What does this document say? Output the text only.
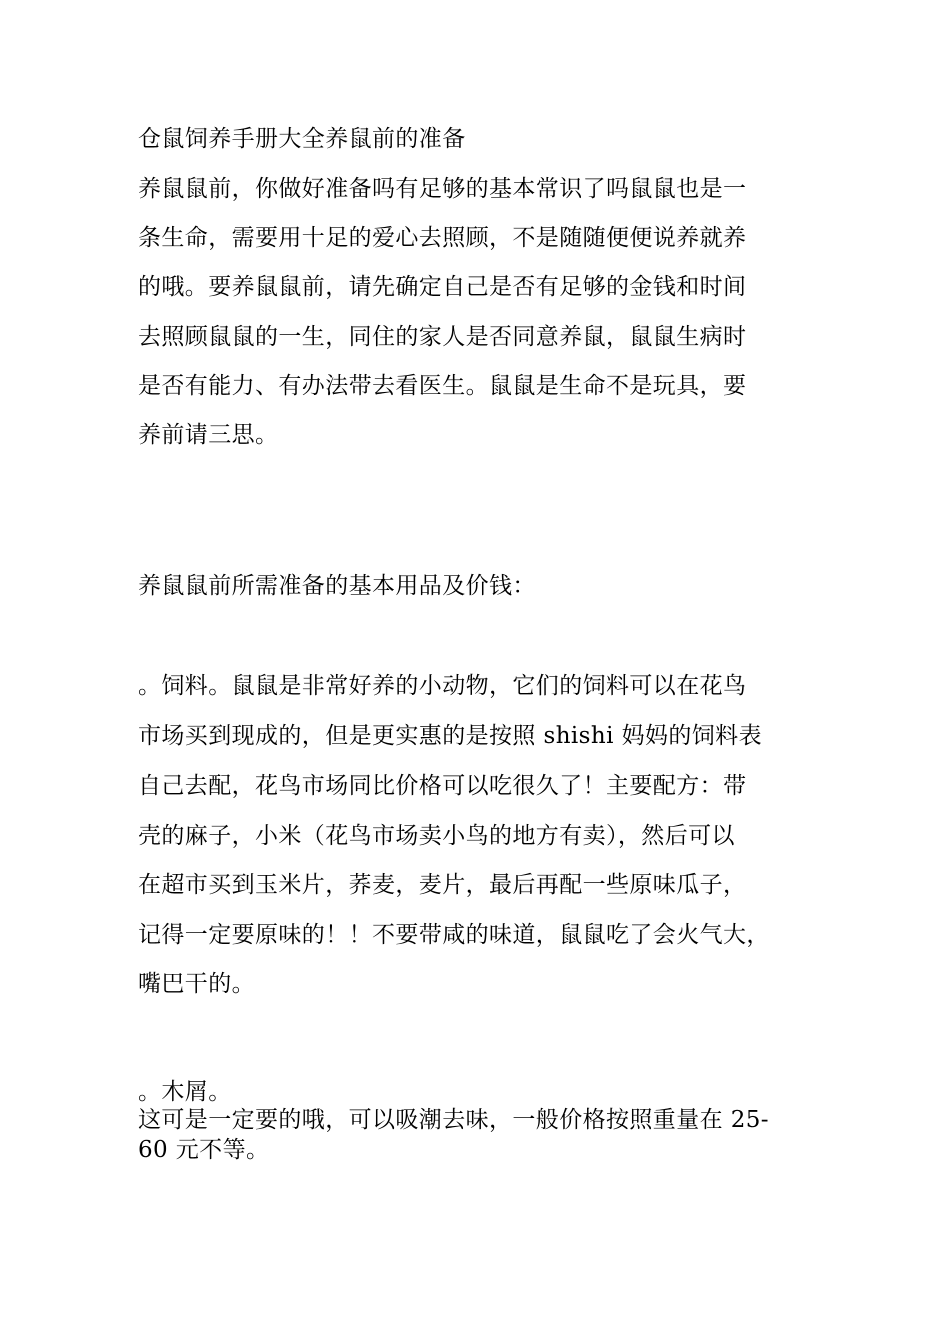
仓鼠饲养手册大全养鼠前的准备
养鼠鼠前，你做好准备吗有足够的基本常识了吗鼠鼠也是一
条生命，需要用十足的爱心去照顾，不是随随便便说养就养
的哦。要养鼠鼠前，请先确定自己是否有足够的金钱和时间
去照顾鼠鼠的一生，同住的家人是否同意养鼠，鼠鼠生病时
是否有能力、有办法带去看医生。鼠鼠是生命不是玩具，要
养前请三思。
养鼠鼠前所需准备的基本用品及价钱：
。饲料。鼠鼠是非常好养的小动物，它们的饲料可以在花鸟
市场买到现成的，但是更实惠的是按照 shishi 妈妈的饲料表
自己去配，花鸟市场同比价格可以吃很久了！主要配方：带
壳的麻子，小米（花鸟市场卖小鸟的地方有卖），然后可以
在超市买到玉米片，荞麦，麦片，最后再配一些原味瓜子，
记得一定要原味的！！不要带咸的味道，鼠鼠吃了会火气大，
嘴巴干的。
。木屑。
这可是一定要的哦，可以吸潮去味，一般价格按照重量在 25-
60 元不等。
